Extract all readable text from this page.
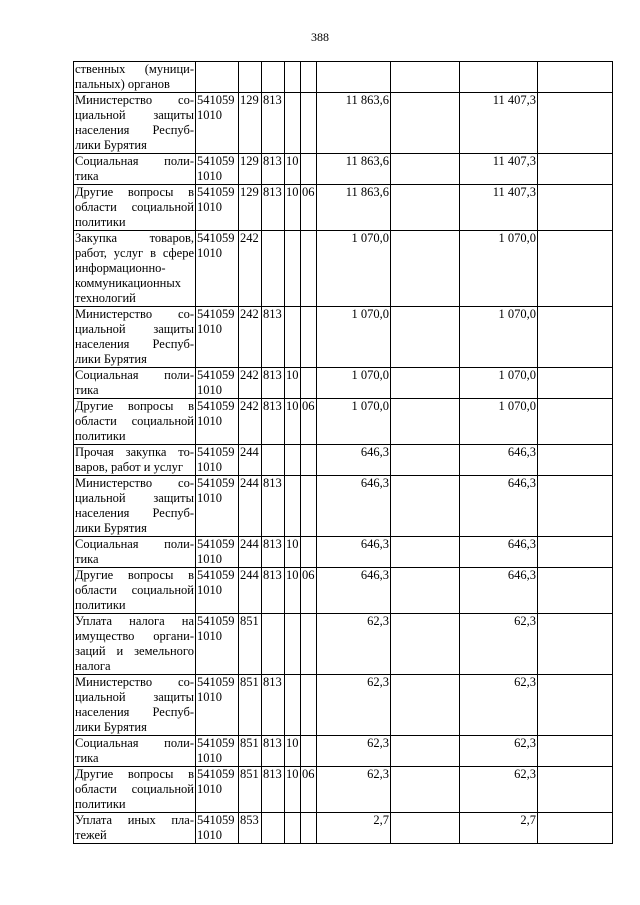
388
ственных (муници-пальных) органов									
Министерство со-циальной защиты населения Респуб-лики Бурятия	541059 1010	129	813			11 863,6		11 407,3	
Социальная поли-тика	541059 1010	129	813	10		11 863,6		11 407,3	
Другие вопросы в области социальной политики	541059 1010	129	813	10	06	11 863,6		11 407,3	
Закупка товаров, работ, услуг в сфере информационно-коммуникационных технологий	541059 1010	242				1 070,0		1 070,0	
Министерство со-циальной защиты населения Респуб-лики Бурятия	541059 1010	242	813			1 070,0		1 070,0	
Социальная поли-тика	541059 1010	242	813	10		1 070,0		1 070,0	
Другие вопросы в области социальной политики	541059 1010	242	813	10	06	1 070,0		1 070,0	
Прочая закупка то-варов, работ и услуг	541059 1010	244				646,3		646,3	
Министерство со-циальной защиты населения Респуб-лики Бурятия	541059 1010	244	813			646,3		646,3	
Социальная поли-тика	541059 1010	244	813	10		646,3		646,3	
Другие вопросы в области социальной политики	541059 1010	244	813	10	06	646,3		646,3	
Уплата налога на имущество органи-заций и земельного налога	541059 1010	851				62,3		62,3	
Министерство со-циальной защиты населения Респуб-лики Бурятия	541059 1010	851	813			62,3		62,3	
Социальная поли-тика	541059 1010	851	813	10		62,3		62,3	
Другие вопросы в области социальной политики	541059 1010	851	813	10	06	62,3		62,3	
Уплата иных пла-тежей	541059 1010	853				2,7		2,7	
